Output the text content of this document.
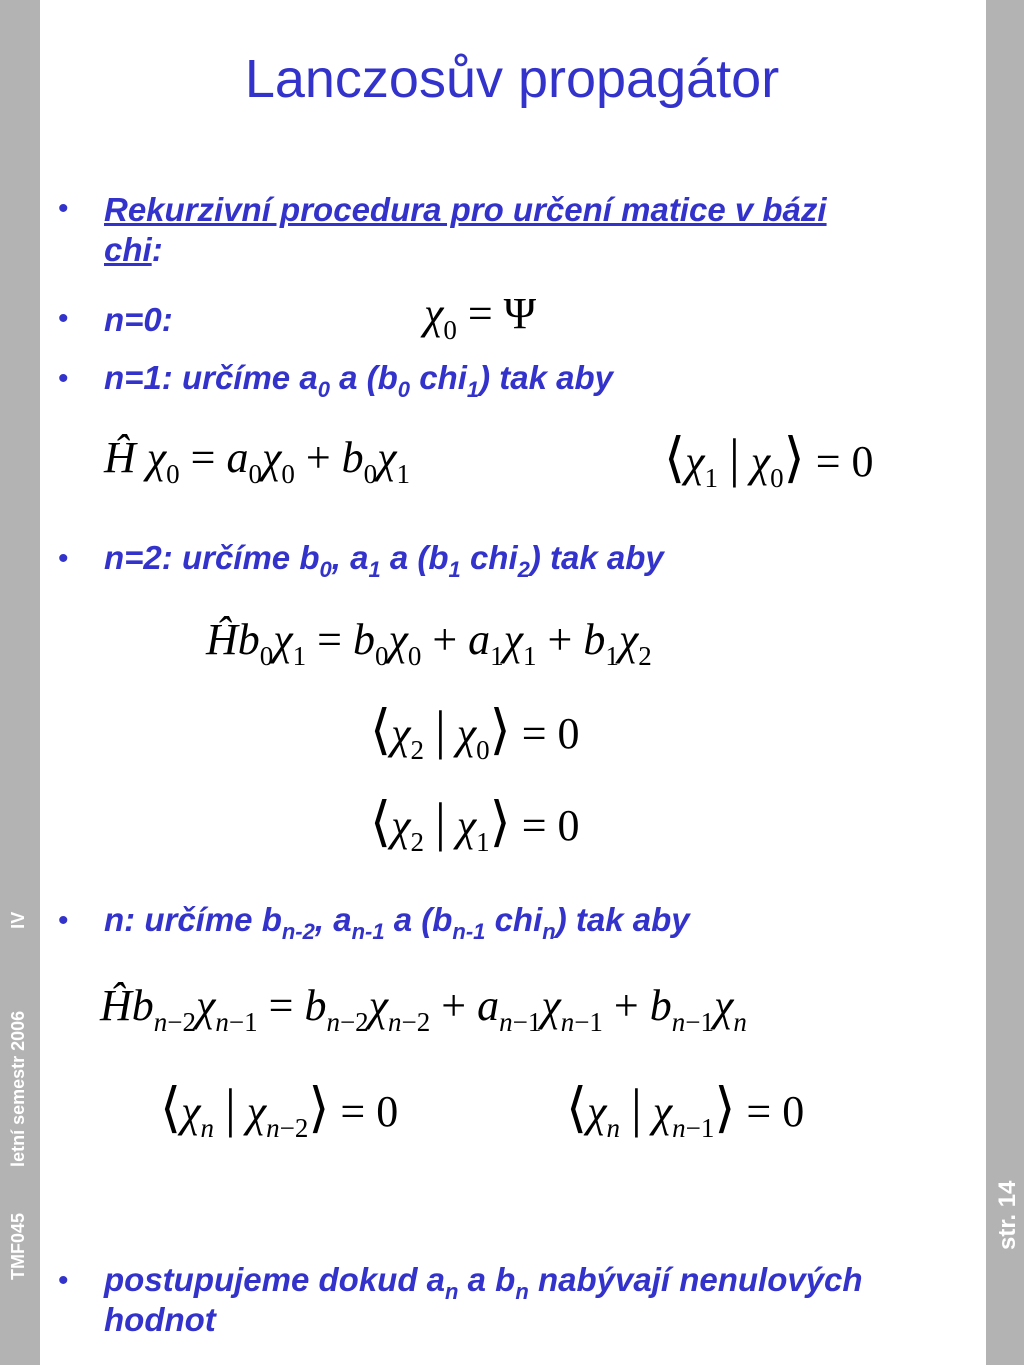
TMF045  letní semestr 2006  IV
str. 14
Lanczosův propagátor
• Rekurzivní procedura pro určení matice v bázi
chi:
• n=0:	$\chi_0 = \Psi$
• n=1: určíme $a_0$ a ($b_0$ chi$_1$) tak aby
Ĥ $\chi_0 = a_0\chi_0 + b_0\chi_1$	$⟨\chi_1$ | $\chi_0⟩ = 0$
• n=2: určíme $b_0$, $a_1$ a ($b_1$ chi$_2$) tak aby
$Ĥb_0\chi_1 = b_0\chi_0 + a_1\chi_1 + b_1\chi_2$
$⟨\chi_2$ | $\chi_0⟩ = 0$
$⟨\chi_2$ | $\chi_1⟩ = 0$
• n: určíme $b_{n-2}$, $a_{n-1}$ a ($b_{n-1}$ chi$_n$) tak aby
$Ĥb_{n-2}\chi_{n-1} = b_{n-2}\chi_{n-2} + a_{n-1}\chi_{n-1} + b_{n-1}\chi_n$
$⟨\chi_n$ | $\chi_{n-2}⟩ = 0$	$⟨\chi_n$ | $\chi_{n-1}⟩ = 0$
• postupujeme dokud $a_n$ a $b_n$ nabývají nenulových
hodnot
